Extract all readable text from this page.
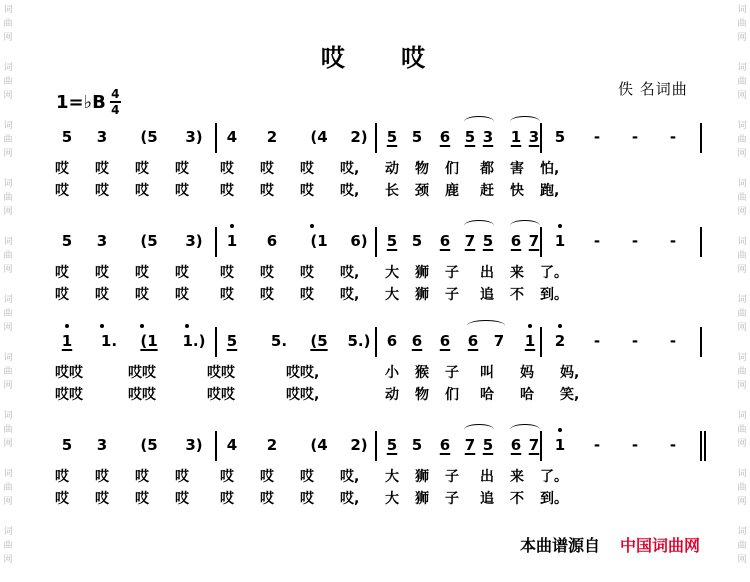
词
曲
网
词
曲
网
词
曲
网
词
曲
网
词
曲
网
词
曲
网
词
曲
网
词
曲
网
词
曲
网
词
曲
网
词
曲
网
词
曲
网
词
曲
网
词
曲
网
词
曲
网
词
曲
网
词
曲
网
词
曲
网
词
曲
网
词
曲
网
哎 哎
1=♭B $\frac{4}{4}$	佚 名词曲
5 3	(5	3)	4 2	(4	2)	5 5 6 5 3 1 3 5 - - -
哎 哎 哎 哎 哎 哎 哎 哎, 动 物 们 都 害 怕,
哎 哎 哎 哎 哎 哎 哎 哎, 长 颈 鹿 赶 快 跑,
5 3	(5	3)	1 6	(1	6)	5 5 6 7 5 6 7 1 - - -
哎 哎 哎 哎 哎 哎 哎 哎, 大 狮 子 出 来 了。
哎 哎 哎 哎 哎 哎 哎 哎, 大 狮 子 追 不 到。
1	1.	(1	1.) 5	5.	(5	5.) 6 6 6 6 7 1 2 - - -
哎哎	哎哎	哎哎	哎哎,	小 猴 子 叫 妈 妈,
哎哎	哎哎	哎哎	哎哎,	动 物 们 哈 哈 笑,
5 3	(5	3)	4 2	(4	2)	5 5 6 7 5 6 7 1 - - -
哎 哎 哎 哎 哎 哎 哎 哎, 大 狮 子 出 来 了。
哎 哎 哎 哎 哎 哎 哎 哎, 大 狮 子 追 不 到。
本曲谱源自 中国词曲网
